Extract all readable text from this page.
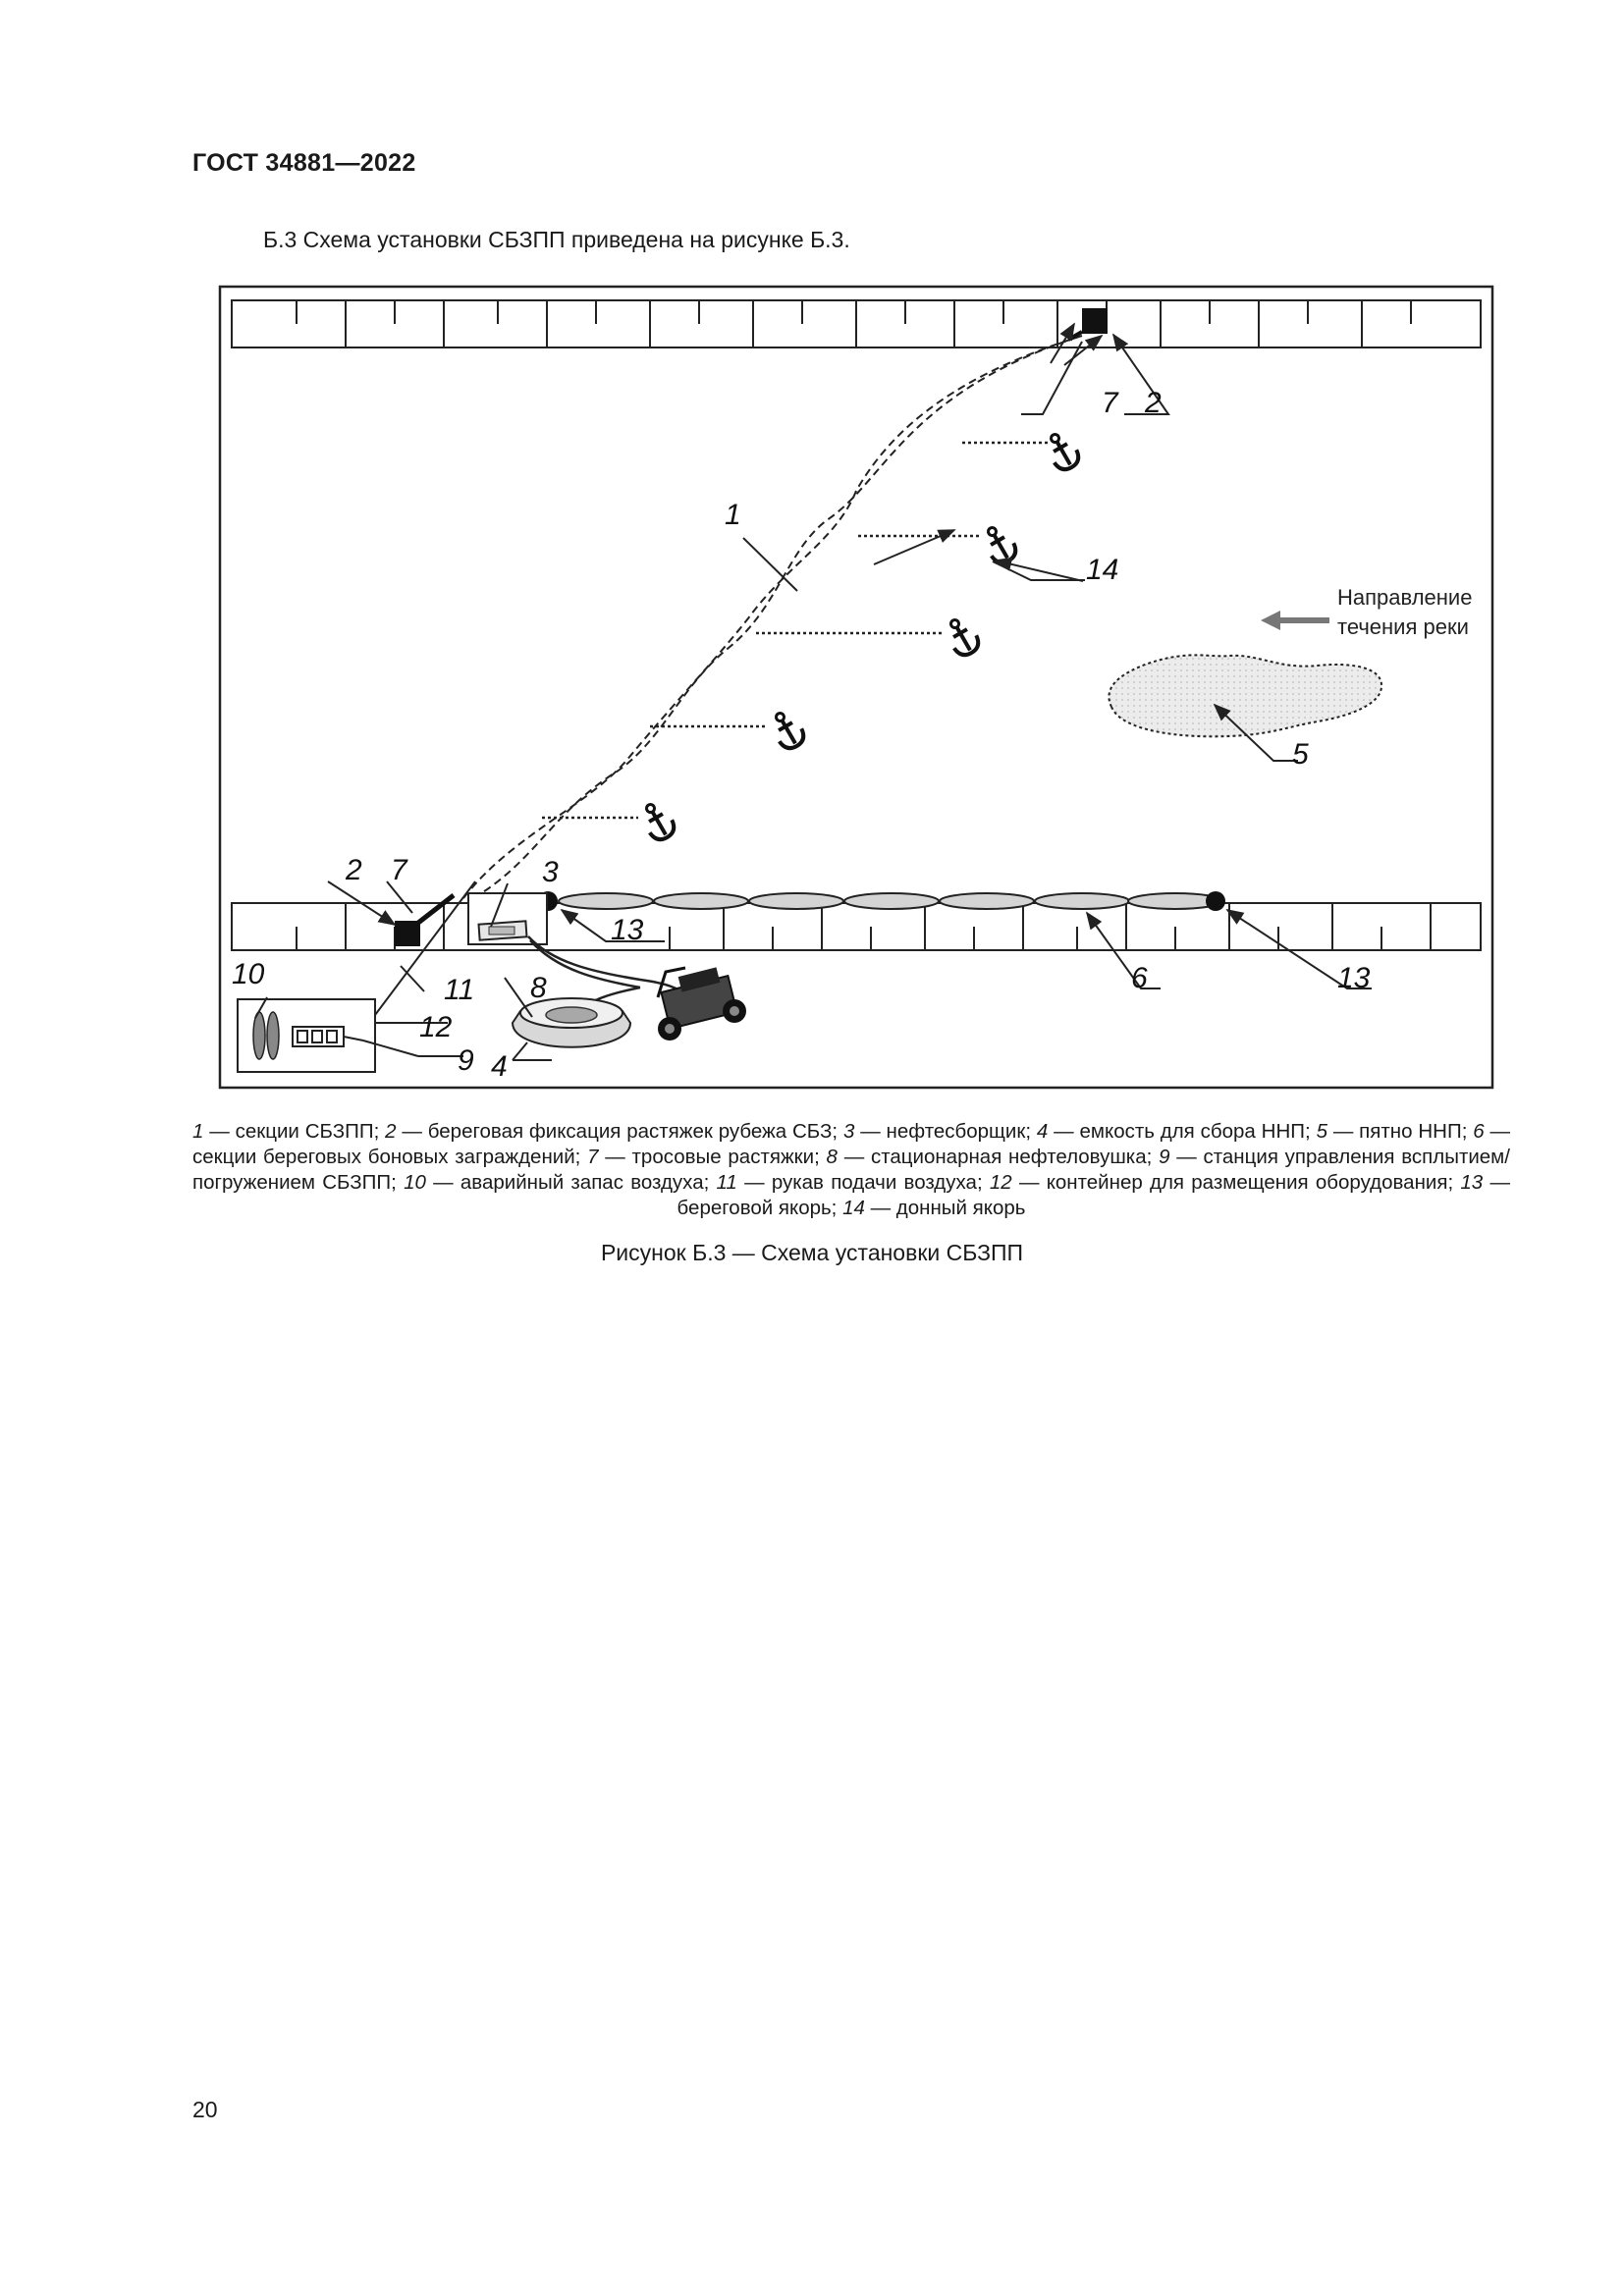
ГОСТ 34881—2022
Б.3 Схема установки СБЗПП приведена на рисунке Б.3.
Направление
течения реки
1
7 2
14
5
3
2 7
13
6	13
10	11 8
12
9 4
1 — секции СБЗПП; 2 — береговая фиксация растяжек рубежа СБЗ; 3 — нефтесборщик; 4 — емкость для сбора ННП; 5 — пятно ННП; 6 — секции береговых боновых заграждений; 7 — тросовые растяжки; 8 — стационарная нефтеловушка; 9 — станция управления всплытием/погружением СБЗПП; 10 — аварийный запас воздуха; 11 — рукав подачи воздуха; 12 — контейнер для размещения оборудования; 13 — береговой якорь; 14 — донный якорь
Рисунок Б.3 — Схема установки СБЗПП
20
